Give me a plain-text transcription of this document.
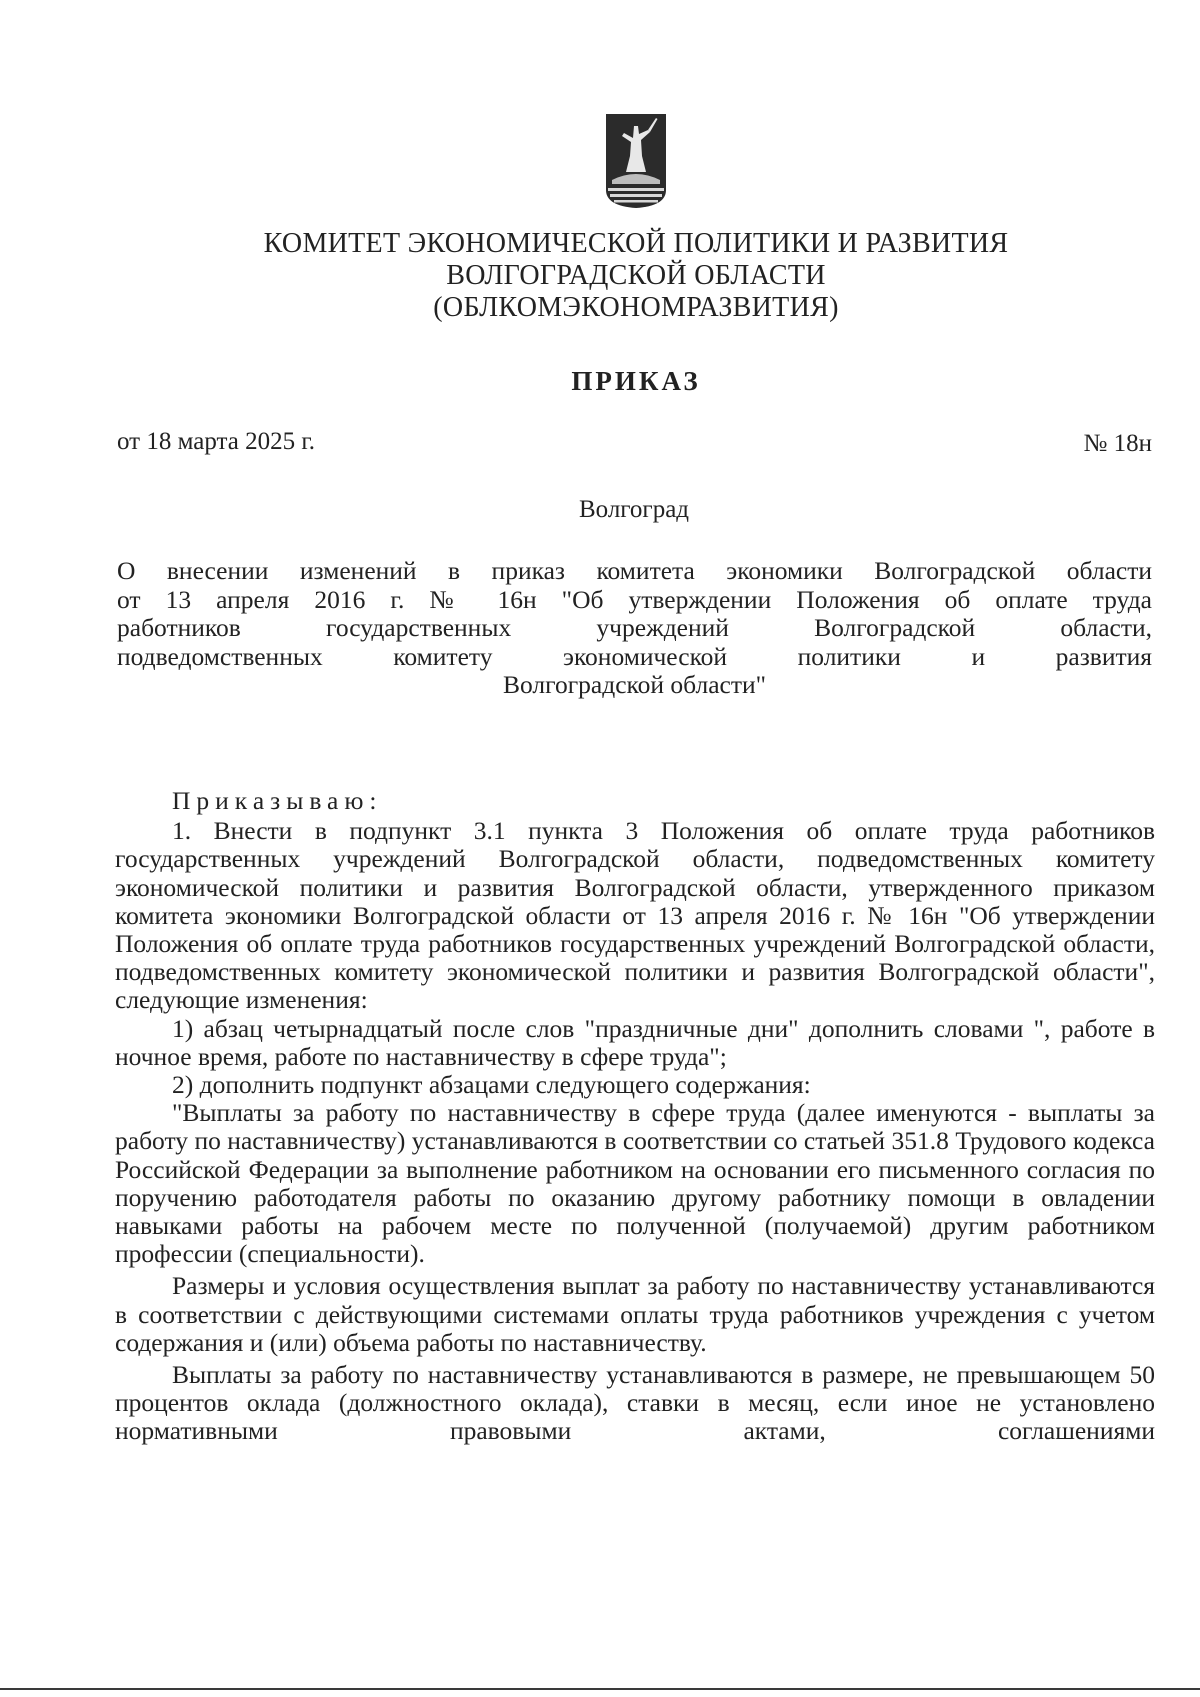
КОМИТЕТ ЭКОНОМИЧЕСКОЙ ПОЛИТИКИ И РАЗВИТИЯ
ВОЛГОГРАДСКОЙ ОБЛАСТИ
(ОБЛКОМЭКОНОМРАЗВИТИЯ)
ПРИКАЗ
от 18 марта 2025 г.	№ 18н
Волгоград
О внесении изменений в приказ комитета экономики Волгоградской области
от 13 апреля 2016 г. № 16н "Об утверждении Положения об оплате труда
работников государственных учреждений Волгоградской области,
подведомственных комитету экономической политики и развития
Волгоградской области"

Приказываю:

1. Внести в подпункт 3.1 пункта 3 Положения об оплате труда работников государственных учреждений Волгоградской области, подведомственных комитету экономической политики и развития Волгоградской области, утвержденного приказом комитета экономики Волгоградской области от 13 апреля 2016 г. № 16н "Об утверждении Положения об оплате труда работников государственных учреждений Волгоградской области, подведомственных комитету экономической политики и развития Волгоградской области", следующие изменения:

1) абзац четырнадцатый после слов "праздничные дни" дополнить словами ", работе в ночное время, работе по наставничеству в сфере труда";

2) дополнить подпункт абзацами следующего содержания:

"Выплаты за работу по наставничеству в сфере труда (далее именуются - выплаты за работу по наставничеству) устанавливаются в соответствии со статьей 351.8 Трудового кодекса Российской Федерации за выполнение работником на основании его письменного согласия по поручению работодателя работы по оказанию другому работнику помощи в овладении навыками работы на рабочем месте по полученной (получаемой) другим работником профессии (специальности).

Размеры и условия осуществления выплат за работу по наставничеству устанавливаются в соответствии с действующими системами оплаты труда работников учреждения с учетом содержания и (или) объема работы по наставничеству.

Выплаты за работу по наставничеству устанавливаются в размере, не превышающем 50 процентов оклада (должностного оклада), ставки в месяц, если иное не установлено нормативными правовыми актами, соглашениями
